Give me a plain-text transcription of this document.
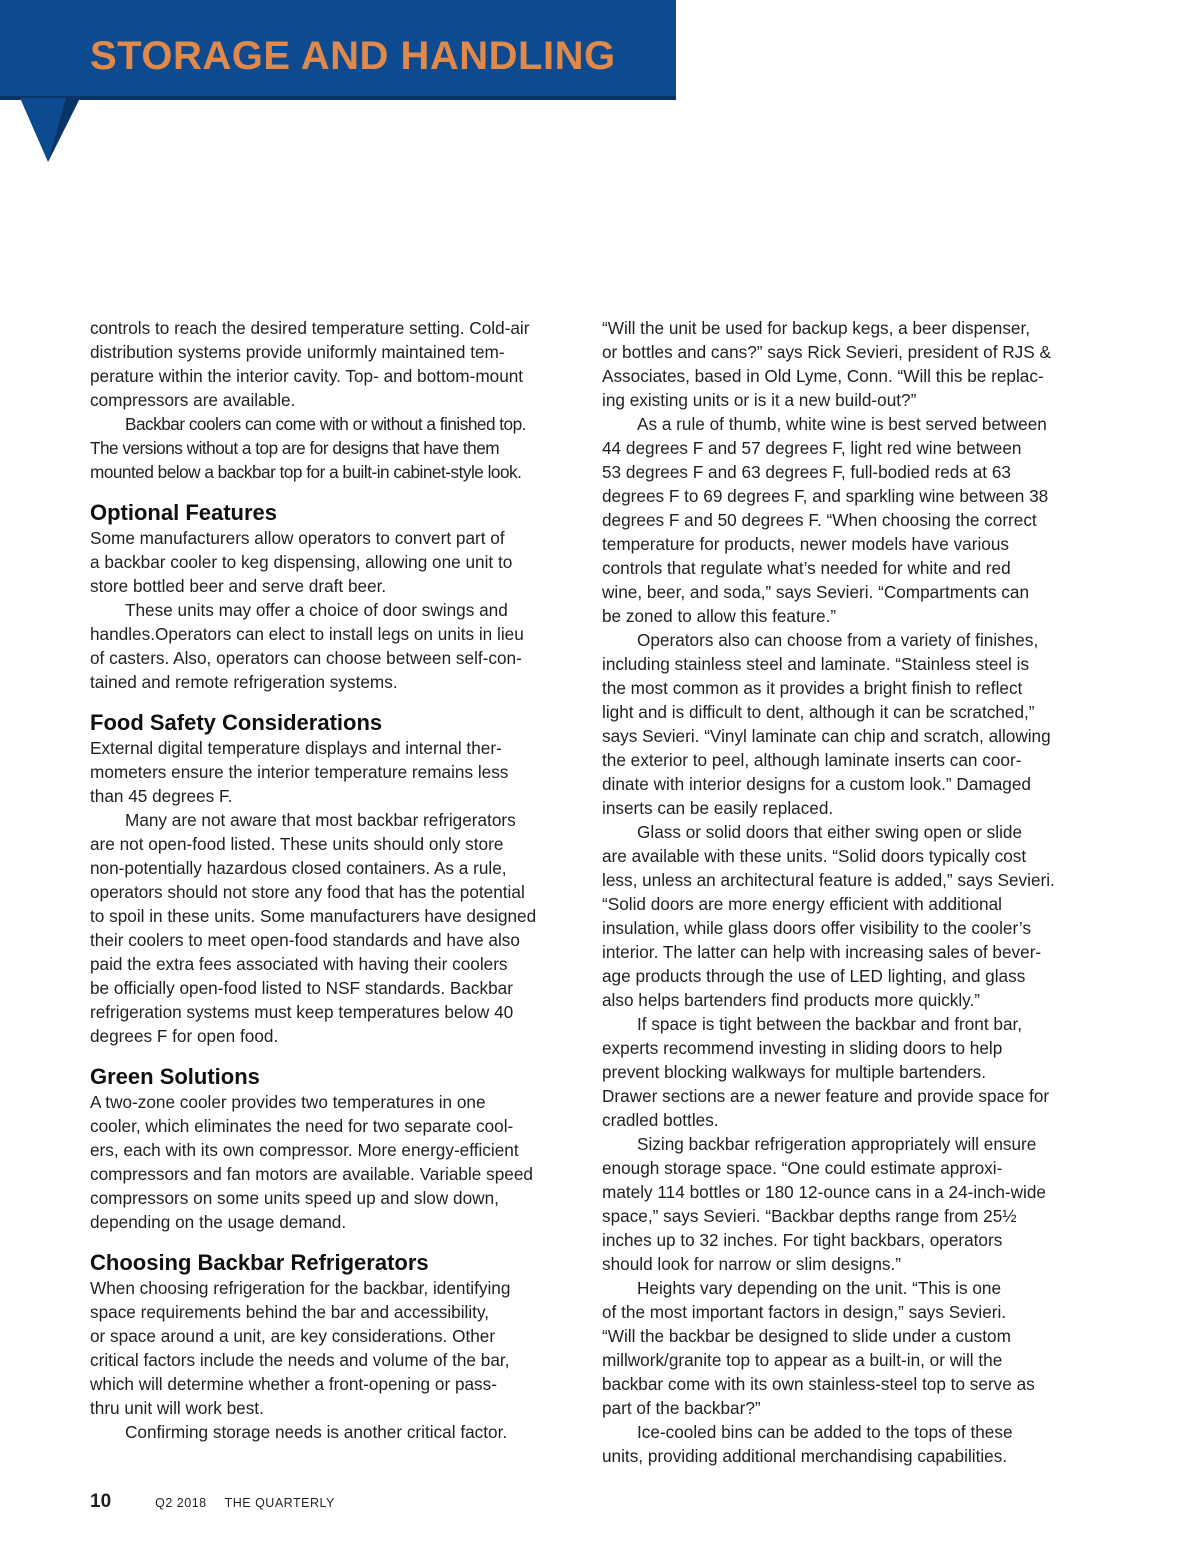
STORAGE AND HANDLING

controls to reach the desired temperature setting. Cold-air

distribution systems provide uniformly maintained tem-

perature within the interior cavity. Top- and bottom-mount

compressors are available.

Backbar coolers can come with or without a finished top.

The versions without a top are for designs that have them

mounted below a backbar top for a built-in cabinet-style look.

Optional Features

Some manufacturers allow operators to convert part of

a backbar cooler to keg dispensing, allowing one unit to

store bottled beer and serve draft beer.

These units may offer a choice of door swings and

handles.Operators can elect to install legs on units in lieu

of casters. Also, operators can choose between self-con-

tained and remote refrigeration systems.

Food Safety Considerations

External digital temperature displays and internal ther-

mometers ensure the interior temperature remains less

than 45 degrees F.

Many are not aware that most backbar refrigerators

are not open-food listed. These units should only store

non-potentially hazardous closed containers. As a rule,

operators should not store any food that has the potential

to spoil in these units. Some manufacturers have designed

their coolers to meet open-food standards and have also

paid the extra fees associated with having their coolers

be officially open-food listed to NSF standards. Backbar

refrigeration systems must keep temperatures below 40

degrees F for open food.

Green Solutions

A two-zone cooler provides two temperatures in one

cooler, which eliminates the need for two separate cool-

ers, each with its own compressor. More energy-efficient

compressors and fan motors are available. Variable speed

compressors on some units speed up and slow down,

depending on the usage demand.

Choosing Backbar Refrigerators

When choosing refrigeration for the backbar, identifying

space requirements behind the bar and accessibility,

or space around a unit, are key considerations. Other

critical factors include the needs and volume of the bar,

which will determine whether a front-opening or pass-

thru unit will work best.

Confirming storage needs is another critical factor.

“Will the unit be used for backup kegs, a beer dispenser,

or bottles and cans?” says Rick Sevieri, president of RJS &

Associates, based in Old Lyme, Conn. “Will this be replac-

ing existing units or is it a new build-out?”

As a rule of thumb, white wine is best served between

44 degrees F and 57 degrees F, light red wine between

53 degrees F and 63 degrees F, full-bodied reds at 63

degrees F to 69 degrees F, and sparkling wine between 38

degrees F and 50 degrees F. “When choosing the correct

temperature for products, newer models have various

controls that regulate what’s needed for white and red

wine, beer, and soda,” says Sevieri. “Compartments can

be zoned to allow this feature.”

Operators also can choose from a variety of finishes,

including stainless steel and laminate. “Stainless steel is

the most common as it provides a bright finish to reflect

light and is difficult to dent, although it can be scratched,”

says Sevieri. “Vinyl laminate can chip and scratch, allowing

the exterior to peel, although laminate inserts can coor-

dinate with interior designs for a custom look.” Damaged

inserts can be easily replaced.

Glass or solid doors that either swing open or slide

are available with these units. “Solid doors typically cost

less, unless an architectural feature is added,” says Sevieri.

“Solid doors are more energy efficient with additional

insulation, while glass doors offer visibility to the cooler’s

interior. The latter can help with increasing sales of bever-

age products through the use of LED lighting, and glass

also helps bartenders find products more quickly.”

If space is tight between the backbar and front bar,

experts recommend investing in sliding doors to help

prevent blocking walkways for multiple bartenders.

Drawer sections are a newer feature and provide space for

cradled bottles.

Sizing backbar refrigeration appropriately will ensure

enough storage space. “One could estimate approxi-

mately 114 bottles or 180 12-ounce cans in a 24-inch-wide

space,” says Sevieri. “Backbar depths range from 25½

inches up to 32 inches. For tight backbars, operators

should look for narrow or slim designs.”

Heights vary depending on the unit. “This is one

of the most important factors in design,” says Sevieri.

“Will the backbar be designed to slide under a custom

millwork/granite top to appear as a built-in, or will the

backbar come with its own stainless-steel top to serve as

part of the backbar?”

Ice-cooled bins can be added to the tops of these

units, providing additional merchandising capabilities.

10	Q2 2018 THE QUARTERLY
